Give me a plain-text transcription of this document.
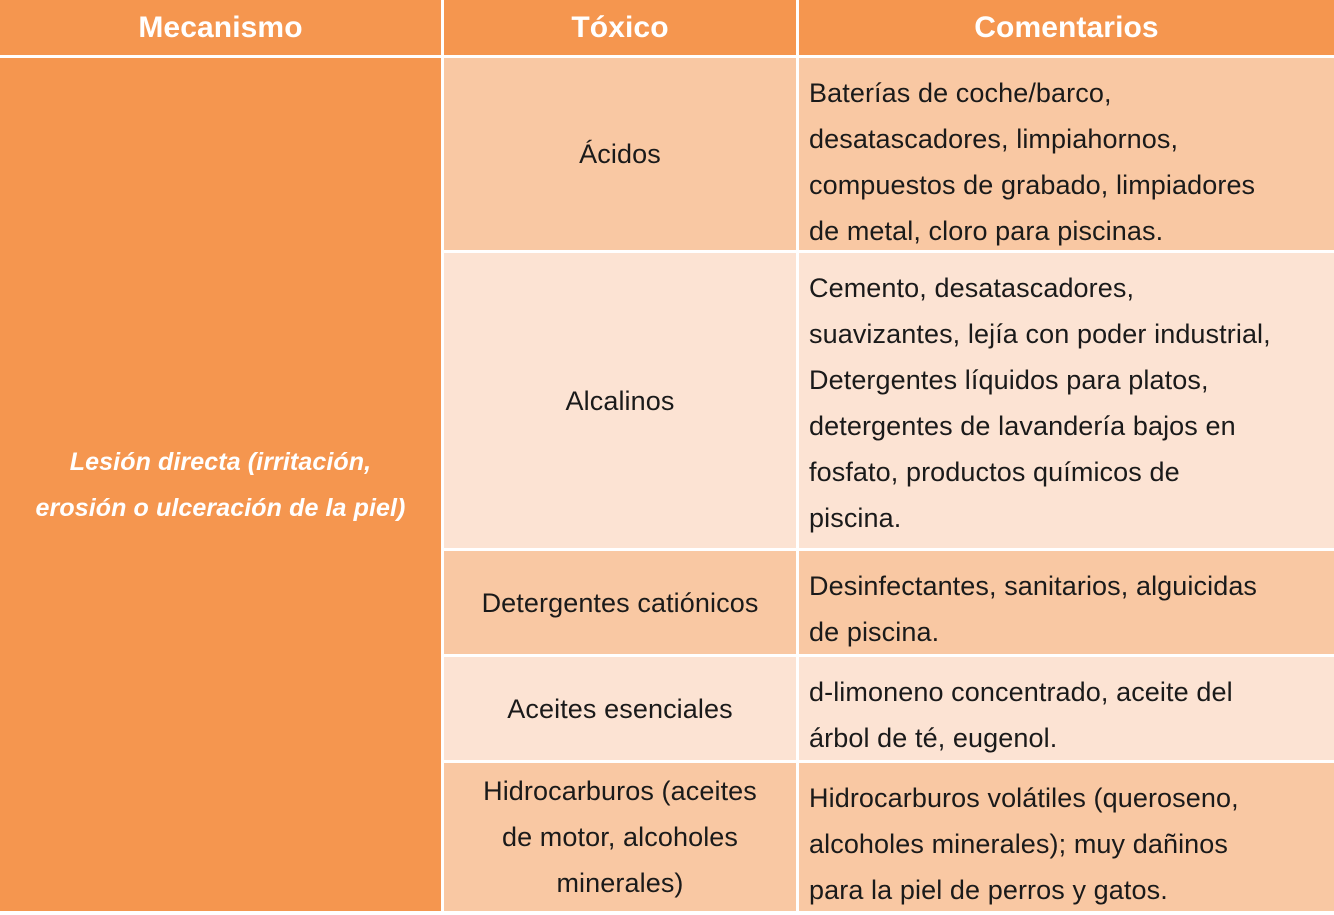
Mecanismo	Tóxico	Comentarios
Lesión directa (irritación,
erosión o ulceración de la piel)
Ácidos
Baterías de coche/barco,
desatascadores, limpiahornos,
compuestos de grabado, limpiadores
de metal, cloro para piscinas.
Alcalinos
Cemento, desatascadores,
suavizantes, lejía con poder industrial,
Detergentes líquidos para platos,
detergentes de lavandería bajos en
fosfato, productos químicos de
piscina.
Detergentes catiónicos
Desinfectantes, sanitarios, alguicidas
de piscina.
Aceites esenciales
d-limoneno concentrado, aceite del
árbol de té, eugenol.
Hidrocarburos (aceites
de motor, alcoholes
minerales)
Hidrocarburos volátiles (queroseno,
alcoholes minerales); muy dañinos
para la piel de perros y gatos.
